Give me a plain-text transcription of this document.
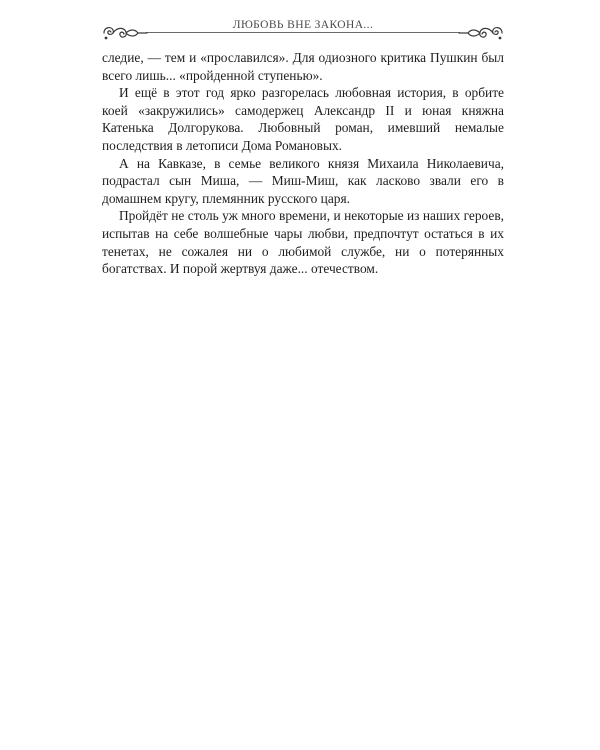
ЛЮБОВЬ ВНЕ ЗАКОНА...

следие, — тем и «прославился». Для одиозного критика Пушкин был всего лишь... «пройденной ступенью».

И ещё в этот год ярко разгорелась любовная история, в орбите коей «закружились» самодержец Александр II и юная княжна Катенька Долгорукова. Любовный роман, имевший немалые последствия в летописи Дома Романовых.

А на Кавказе, в семье великого князя Михаила Николаевича, подрастал сын Миша, — Миш-Миш, как ласково звали его в домашнем кругу, племянник русского царя.

Пройдёт не столь уж много времени, и некоторые из наших героев, испытав на себе волшебные чары любви, предпочтут остаться в их тенетах, не сожалея ни о любимой службе, ни о потерянных богатствах. И порой жертвуя даже... отечеством.
